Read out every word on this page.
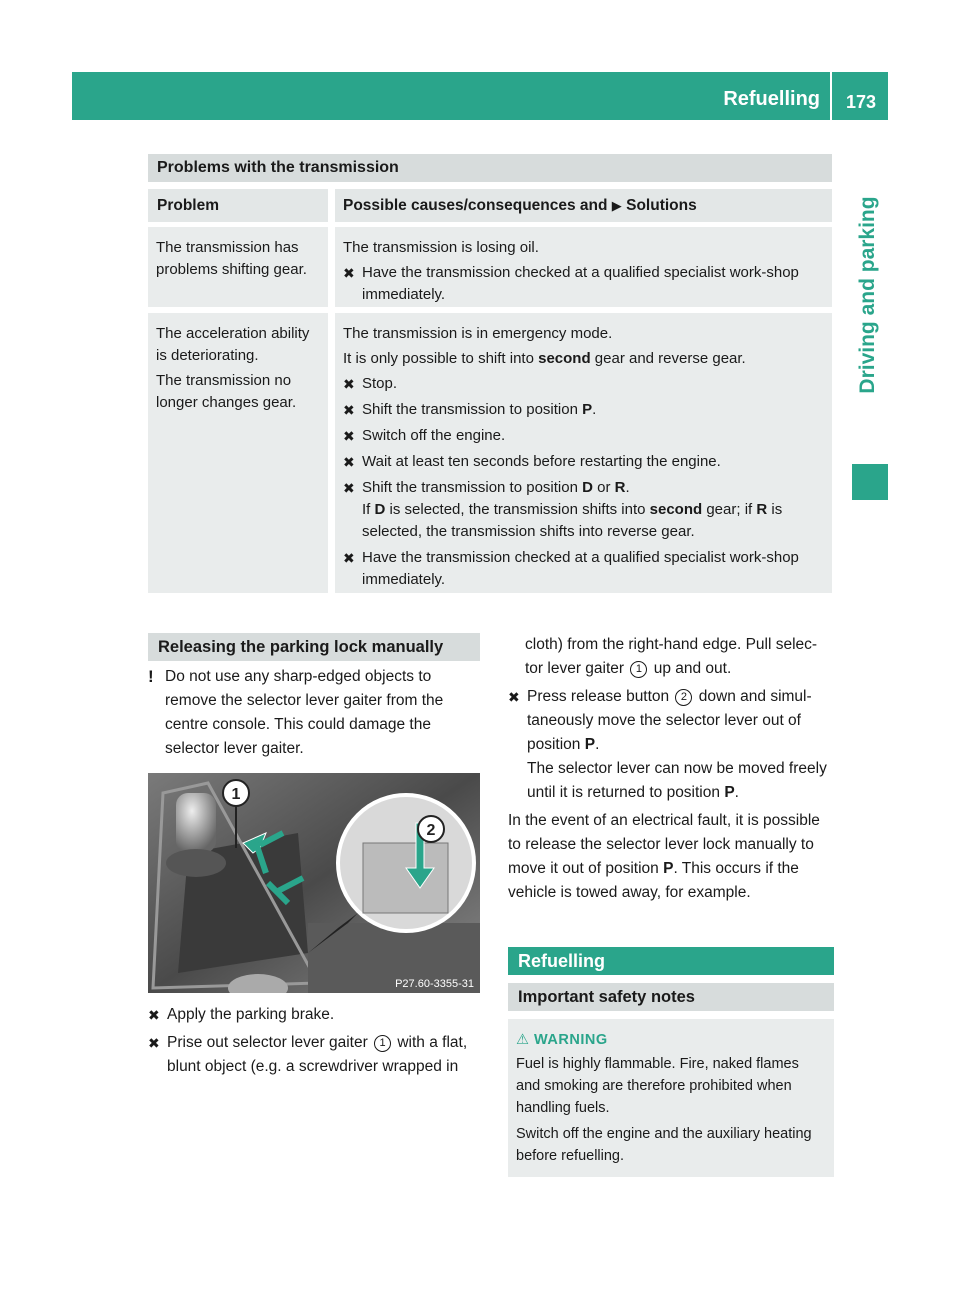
Refuelling 173
Driving and parking
Problems with the transmission
Problem	Possible causes/consequences and ▶ Solutions

The transmission has problems shifting gear.

The transmission is losing oil.

✖ Have the transmission checked at a qualified specialist work-shop immediately.

The acceleration ability is deteriorating.

The transmission no longer changes gear.

The transmission is in emergency mode.

It is only possible to shift into second gear and reverse gear.

✖ Stop.
✖ Shift the transmission to position P.
✖ Switch off the engine.
✖ Wait at least ten seconds before restarting the engine.
✖ Shift the transmission to position D or R.
If D is selected, the transmission shifts into second gear; if R is selected, the transmission shifts into reverse gear.
✖ Have the transmission checked at a qualified specialist work-shop immediately.
Releasing the parking lock manually
! Do not use any sharp-edged objects to remove the selector lever gaiter from the centre console. This could damage the selector lever gaiter.
1
2
P27.60-3355-31
✖ Apply the parking brake.
✖ Prise out selector lever gaiter 1 with a flat, blunt object (e.g. a screwdriver wrapped in
cloth) from the right-hand edge. Pull selec-tor lever gaiter 1 up and out.
✖ Press release button 2 down and simul-taneously move the selector lever out of position P.
The selector lever can now be moved freely until it is returned to position P.
In the event of an electrical fault, it is possible to release the selector lever lock manually to move it out of position P. This occurs if the vehicle is towed away, for example.
Refuelling
Important safety notes
⚠ WARNING
Fuel is highly flammable. Fire, naked flames and smoking are therefore prohibited when handling fuels.
Switch off the engine and the auxiliary heating before refuelling.
